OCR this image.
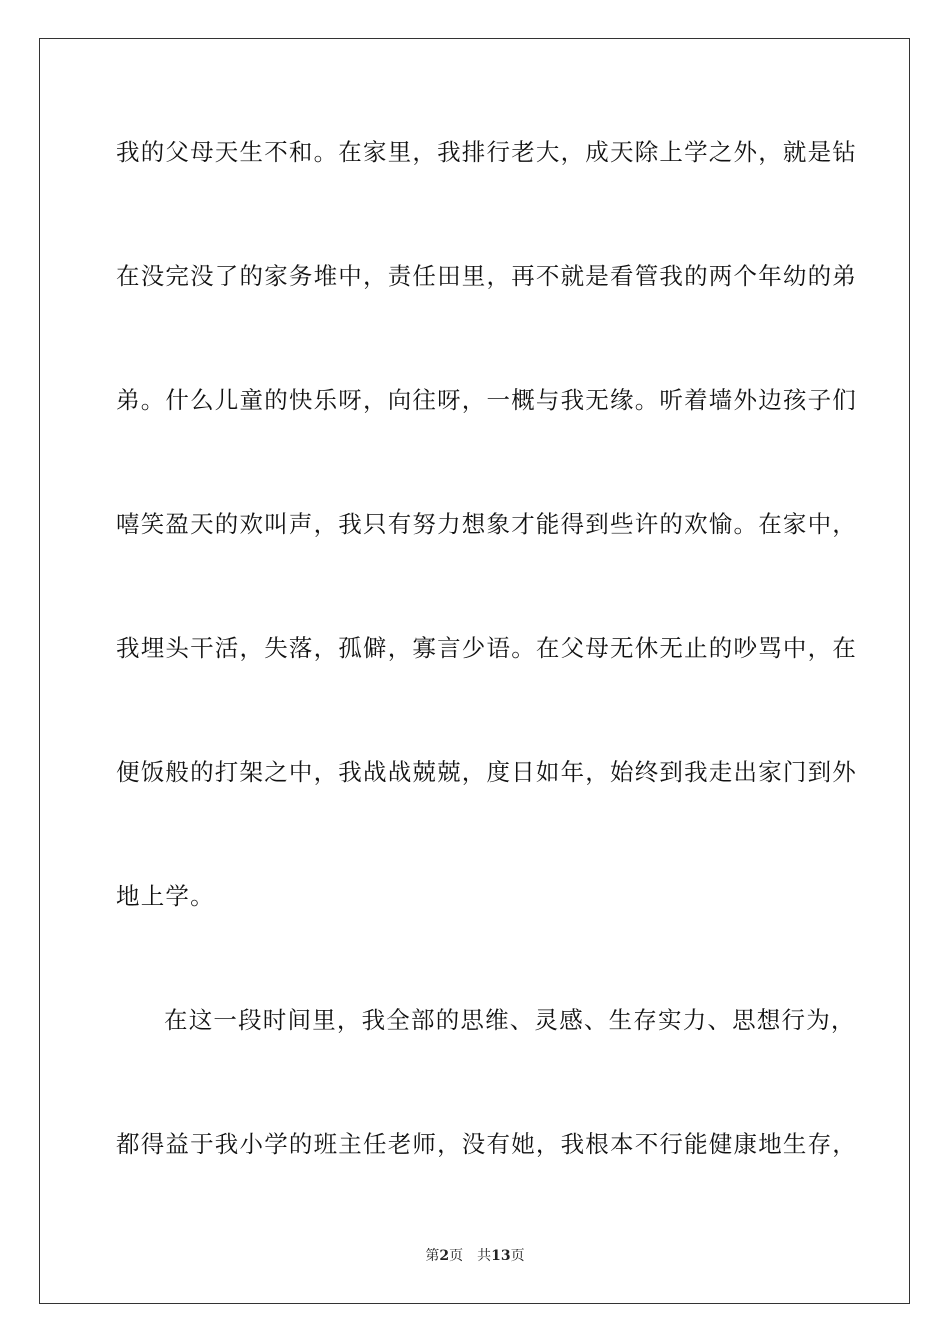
我的父母天生不和。在家里，我排行老大，成天除上学之外，就是钻
在没完没了的家务堆中，责任田里，再不就是看管我的两个年幼的弟
弟。什么儿童的快乐呀，向往呀，一概与我无缘。听着墙外边孩子们
嘻笑盈天的欢叫声，我只有努力想象才能得到些许的欢愉。在家中，
我埋头干活，失落，孤僻，寡言少语。在父母无休无止的吵骂中，在
便饭般的打架之中，我战战兢兢，度日如年，始终到我走出家门到外
地上学。
在这一段时间里，我全部的思维、灵感、生存实力、思想行为，
都得益于我小学的班主任老师，没有她，我根本不行能健康地生存，
第2页 共13页
